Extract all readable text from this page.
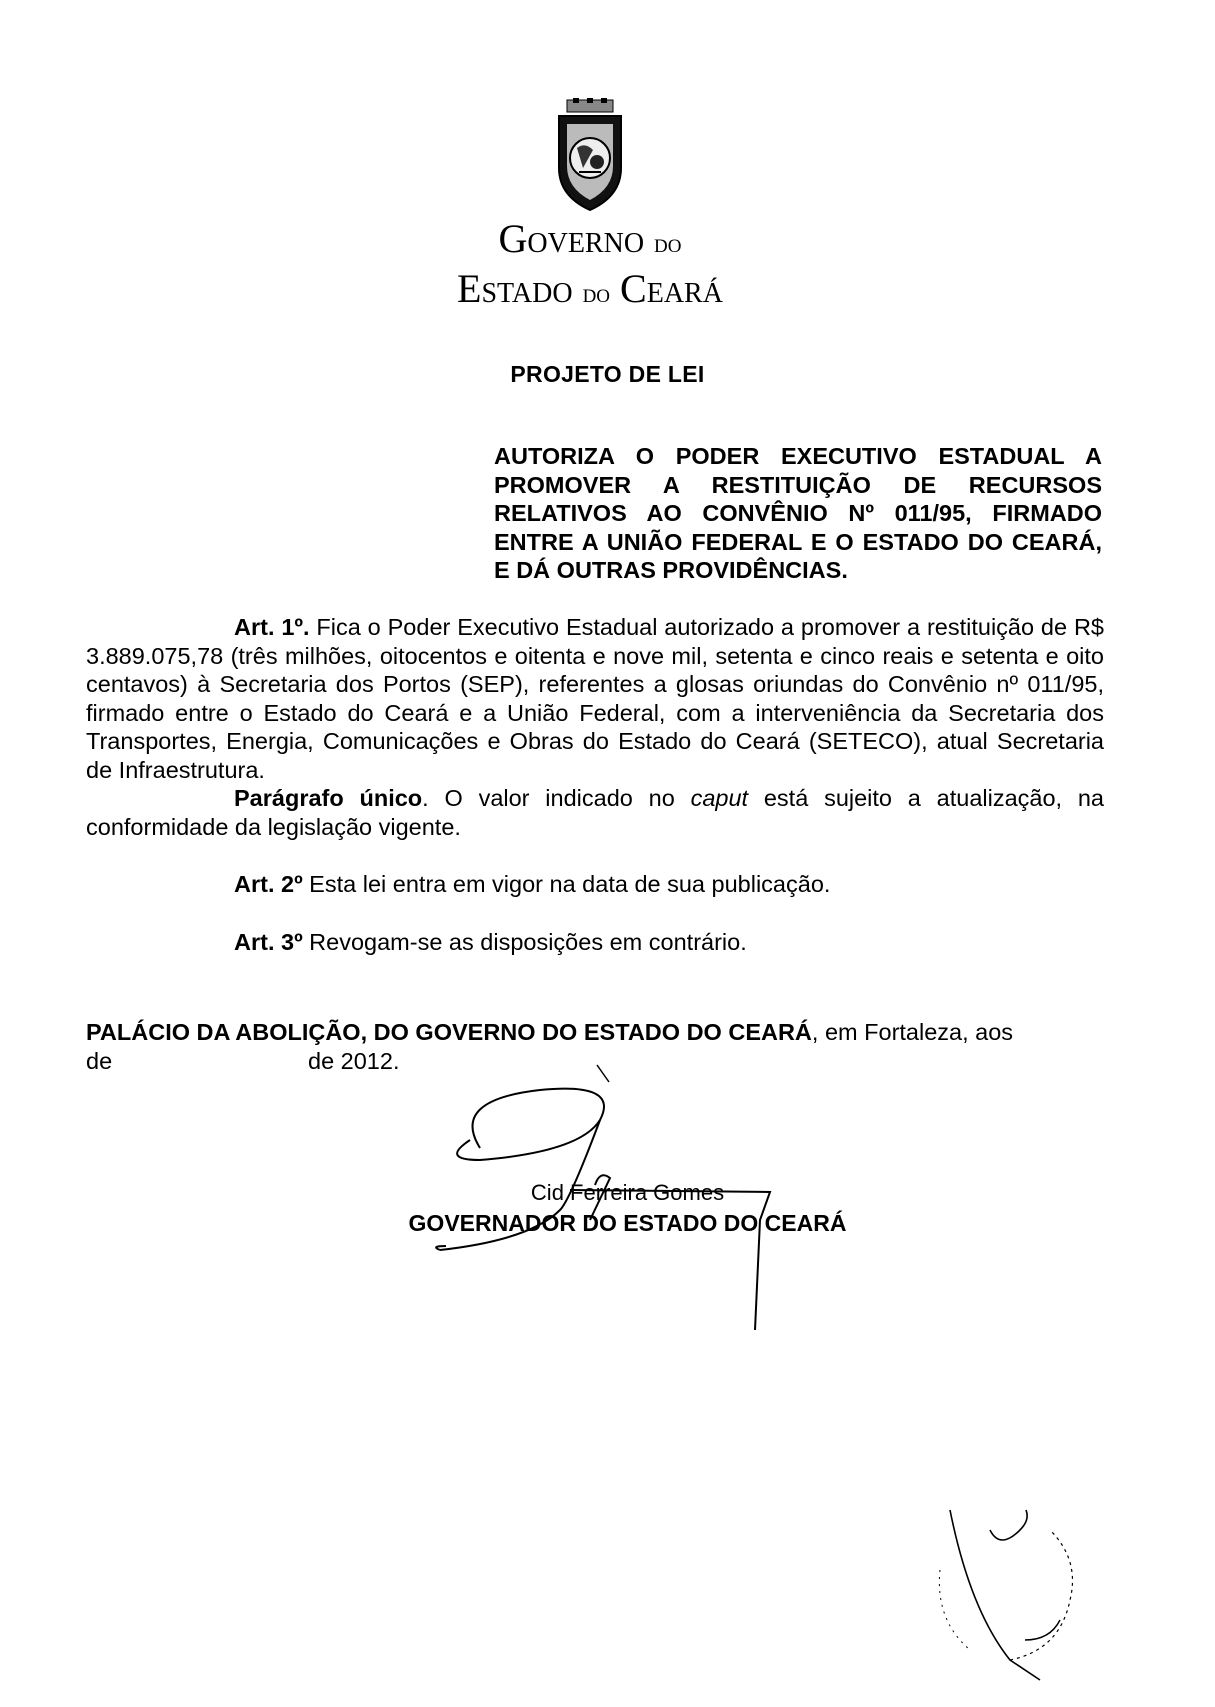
Governo do
Estado do Ceará
PROJETO DE LEI
AUTORIZA O PODER EXECUTIVO ESTADUAL A PROMOVER A RESTITUIÇÃO DE RECURSOS RELATIVOS AO CONVÊNIO Nº 011/95, FIRMADO ENTRE A UNIÃO FEDERAL E O ESTADO DO CEARÁ, E DÁ OUTRAS PROVIDÊNCIAS.

Art. 1º. Fica o Poder Executivo Estadual autorizado a promover a restituição de R$ 3.889.075,78 (três milhões, oitocentos e oitenta e nove mil, setenta e cinco reais e setenta e oito centavos) à Secretaria dos Portos (SEP), referentes a glosas oriundas do Convênio nº 011/95, firmado entre o Estado do Ceará e a União Federal, com a interveniência da Secretaria dos Transportes, Energia, Comunicações e Obras do Estado do Ceará (SETECO), atual Secretaria de Infraestrutura.

Parágrafo único. O valor indicado no caput está sujeito a atualização, na conformidade da legislação vigente.

Art. 2º Esta lei entra em vigor na data de sua publicação.

Art. 3º Revogam-se as disposições em contrário.

PALÁCIO DA ABOLIÇÃO, DO GOVERNO DO ESTADO DO CEARÁ, em Fortaleza, aos
de	de 2012.
Cid Ferreira Gomes
GOVERNADOR DO ESTADO DO CEARÁ
